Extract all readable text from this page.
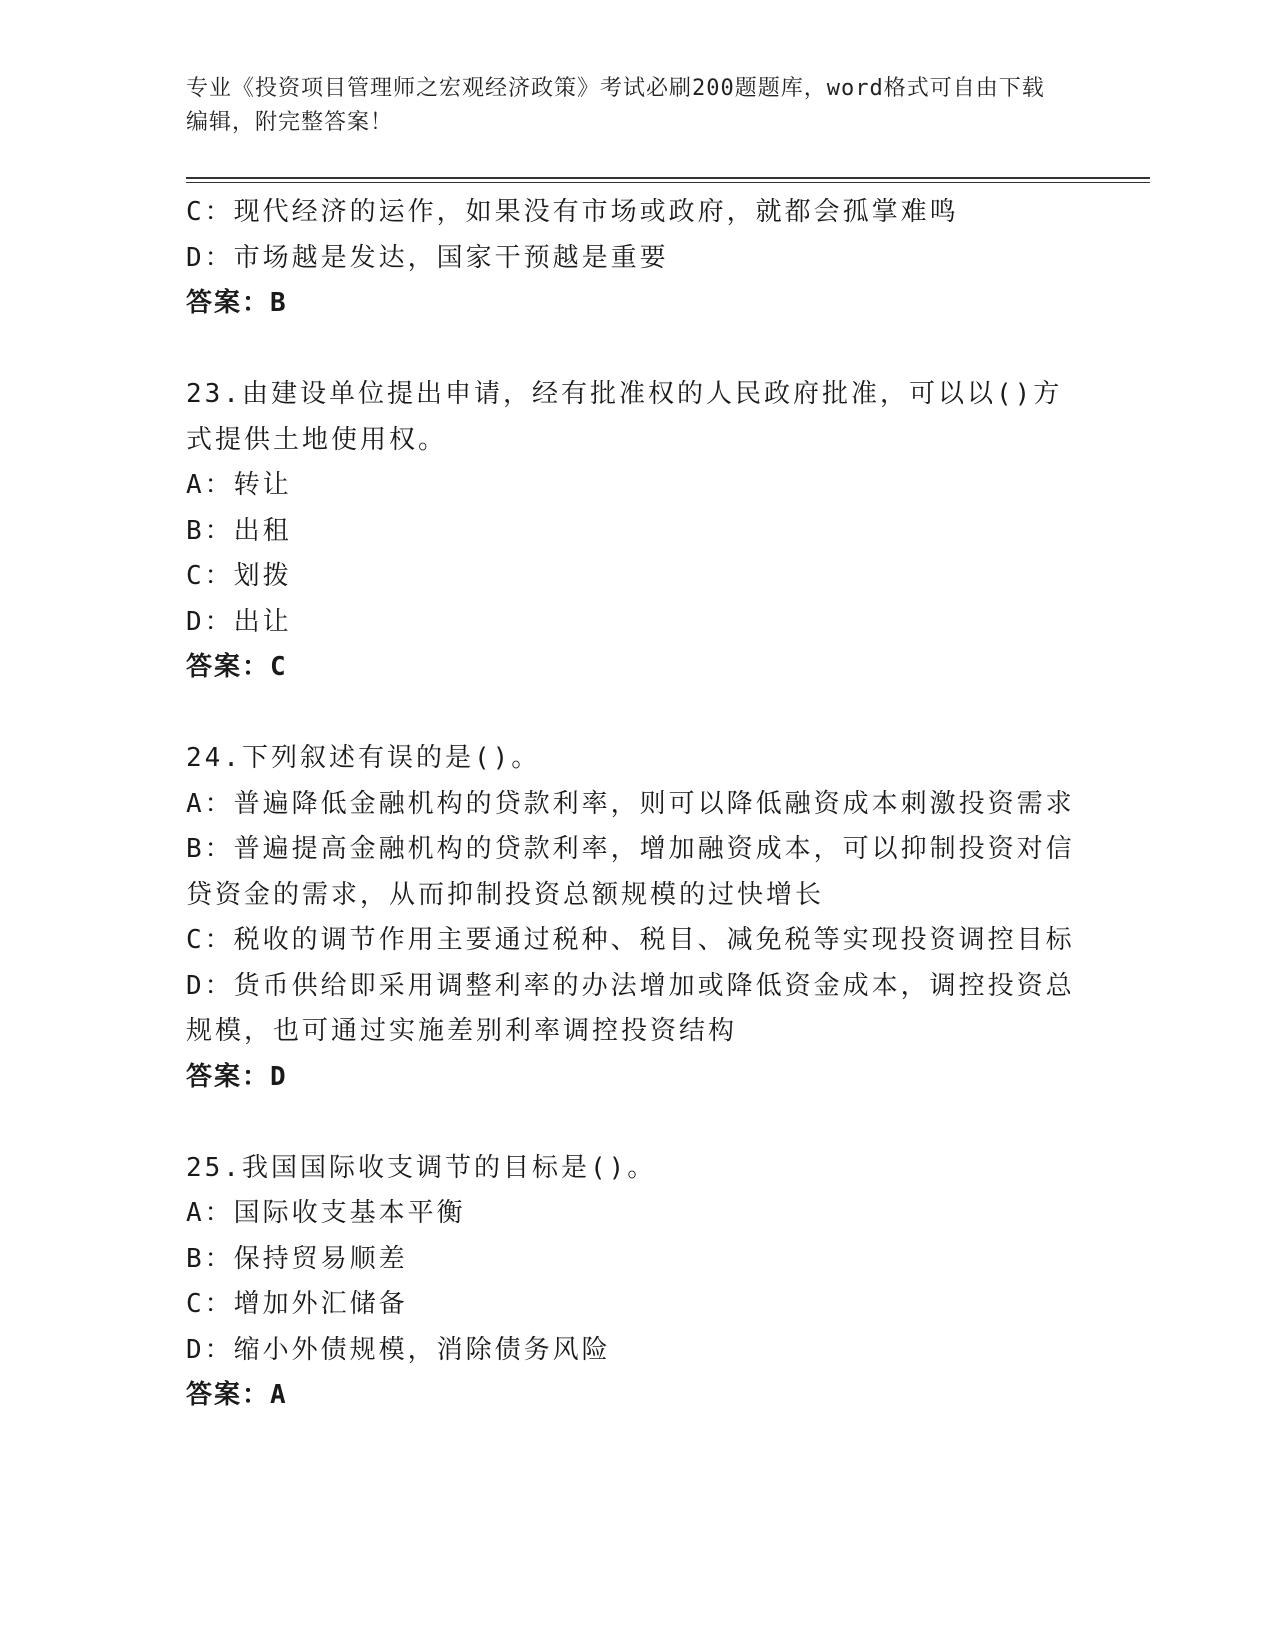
专业《投资项目管理师之宏观经济政策》考试必刷200题题库，word格式可自由下载编辑，附完整答案！
C：现代经济的运作，如果没有市场或政府，就都会孤掌难鸣
D：市场越是发达，国家干预越是重要
答案：B
23.由建设单位提出申请，经有批准权的人民政府批准，可以以()方式提供土地使用权。
A：转让
B：出租
C：划拨
D：出让
答案：C
24.下列叙述有误的是()。
A：普遍降低金融机构的贷款利率，则可以降低融资成本刺激投资需求
B：普遍提高金融机构的贷款利率，增加融资成本，可以抑制投资对信贷资金的需求，从而抑制投资总额规模的过快增长
C：税收的调节作用主要通过税种、税目、减免税等实现投资调控目标
D：货币供给即采用调整利率的办法增加或降低资金成本，调控投资总规模，也可通过实施差别利率调控投资结构
答案：D
25.我国国际收支调节的目标是()。
A：国际收支基本平衡
B：保持贸易顺差
C：增加外汇储备
D：缩小外债规模，消除债务风险
答案：A
